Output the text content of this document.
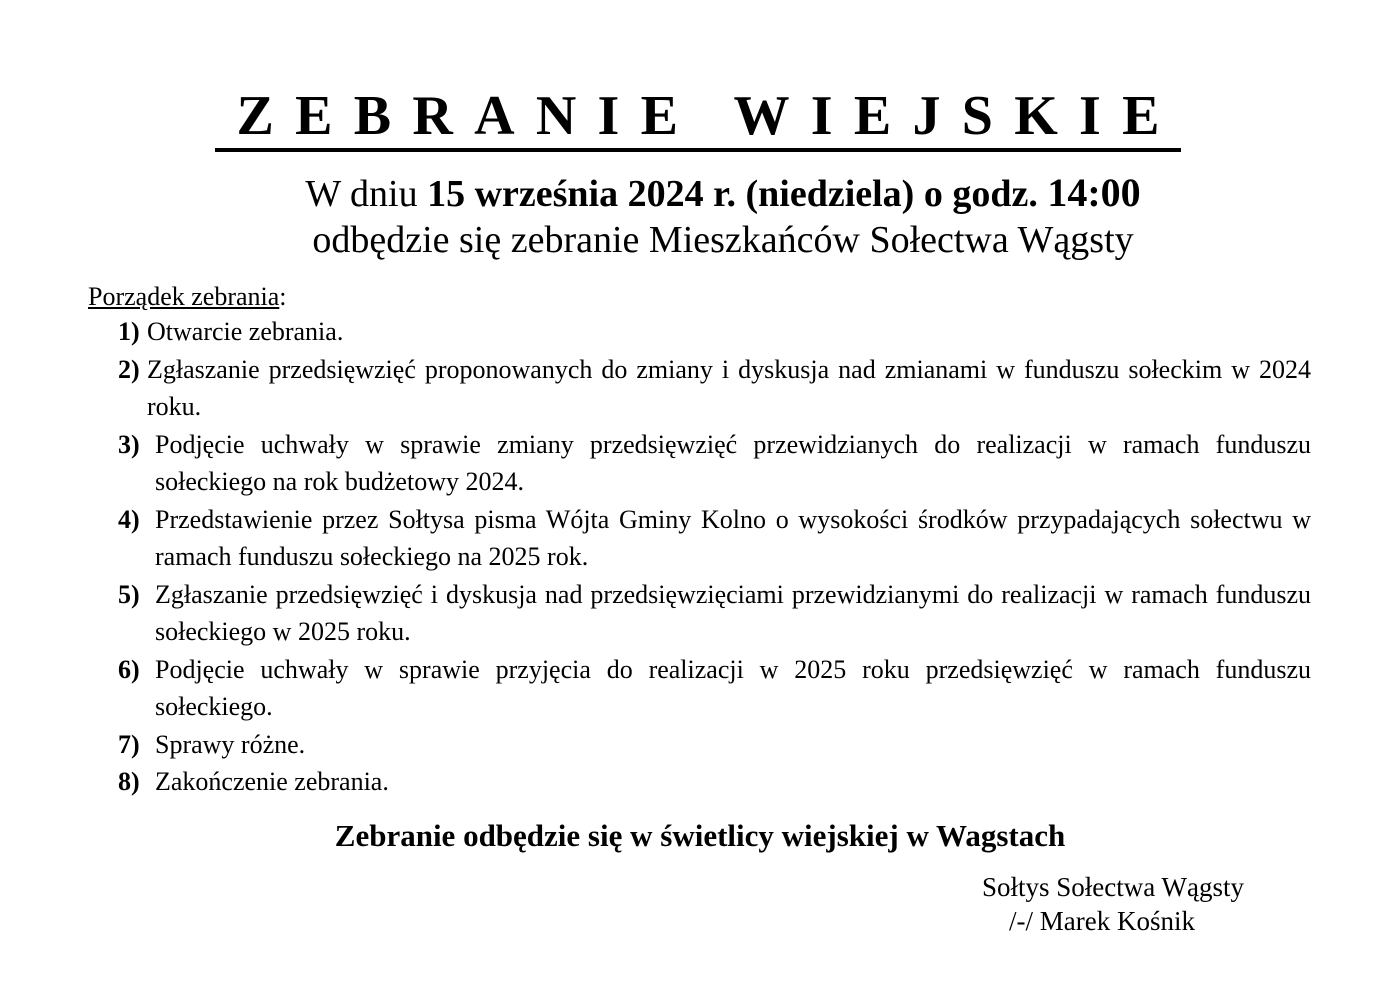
ZEBRANIE WIEJSKIE
W dniu 15 września 2024 r. (niedziela) o godz. 14:00
odbędzie się zebranie Mieszkańców Sołectwa Wągsty
Porządek zebrania:
1) Otwarcie zebrania.
2) Zgłaszanie przedsięwzięć proponowanych do zmiany i dyskusja nad zmianami w funduszu sołeckim w 2024 roku.
3) Podjęcie uchwały w sprawie zmiany przedsięwzięć przewidzianych do realizacji w ramach funduszu sołeckiego na rok budżetowy 2024.
4) Przedstawienie przez Sołtysa pisma Wójta Gminy Kolno o wysokości środków przypadających sołectwu w ramach funduszu sołeckiego na 2025 rok.
5) Zgłaszanie przedsięwzięć i dyskusja nad przedsięwzięciami przewidzianymi do realizacji w ramach funduszu sołeckiego w 2025 roku.
6) Podjęcie uchwały w sprawie przyjęcia do realizacji w 2025 roku przedsięwzięć w ramach funduszu sołeckiego.
7) Sprawy różne.
8) Zakończenie zebrania.
Zebranie odbędzie się w świetlicy wiejskiej w Wagstach
Sołtys Sołectwa Wągsty
/-/ Marek Kośnik
